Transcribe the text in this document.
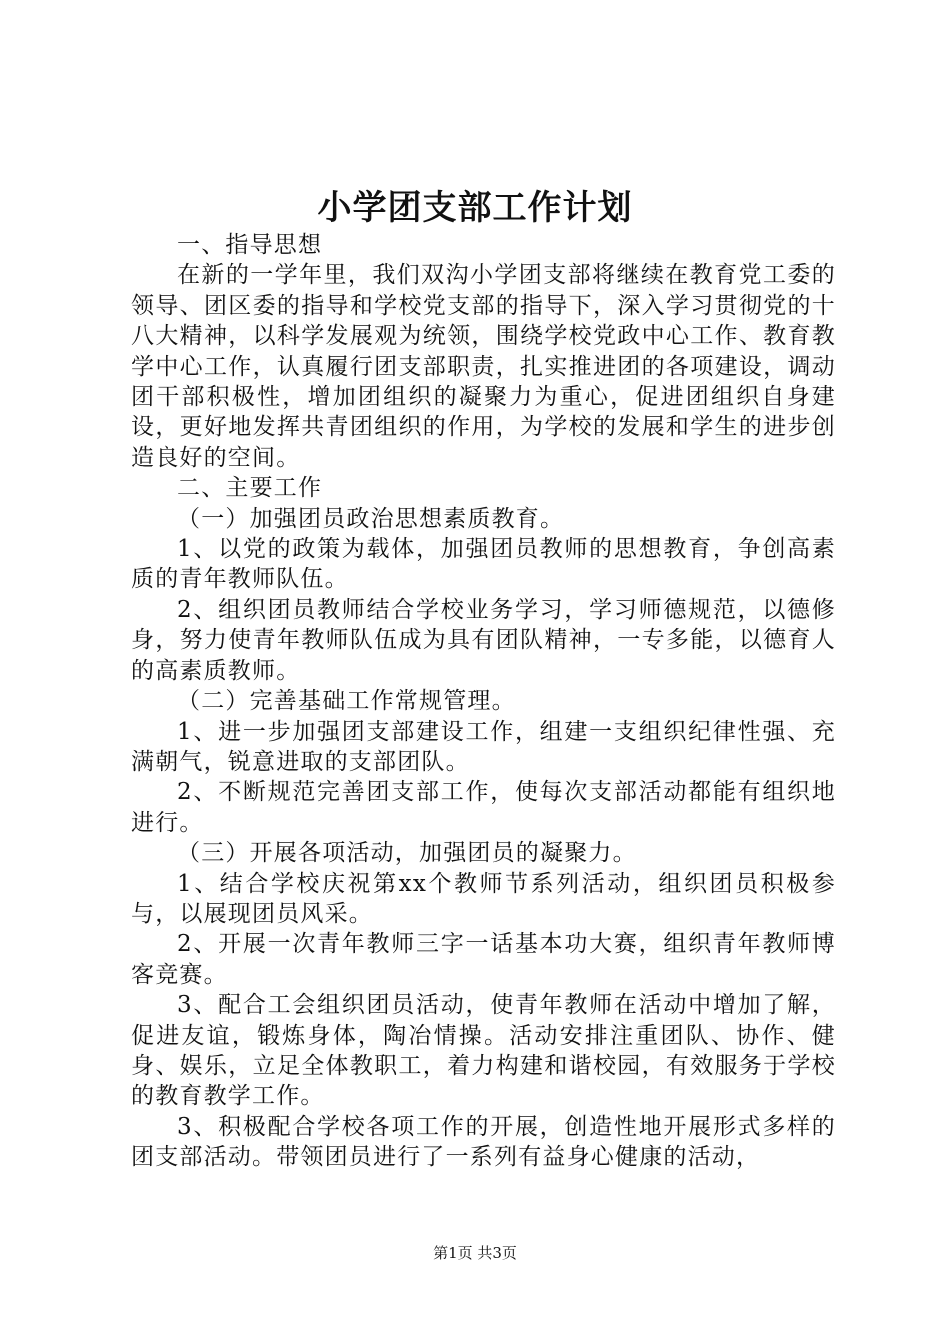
小学团支部工作计划

一、指导思想

在新的一学年里，我们双沟小学团支部将继续在教育党工委的领导、团区委的指导和学校党支部的指导下，深入学习贯彻党的十八大精神，以科学发展观为统领，围绕学校党政中心工作、教育教学中心工作，认真履行团支部职责，扎实推进团的各项建设，调动团干部积极性，增加团组织的凝聚力为重心，促进团组织自身建设，更好地发挥共青团组织的作用，为学校的发展和学生的进步创造良好的空间。

二、主要工作

（一）加强团员政治思想素质教育。

1、以党的政策为载体，加强团员教师的思想教育，争创高素质的青年教师队伍。

2、组织团员教师结合学校业务学习，学习师德规范，以德修身，努力使青年教师队伍成为具有团队精神，一专多能，以德育人的高素质教师。

（二）完善基础工作常规管理。

1、进一步加强团支部建设工作，组建一支组织纪律性强、充满朝气，锐意进取的支部团队。

2、不断规范完善团支部工作，使每次支部活动都能有组织地进行。

（三）开展各项活动，加强团员的凝聚力。

1、结合学校庆祝第xx个教师节系列活动，组织团员积极参与，以展现团员风采。

2、开展一次青年教师三字一话基本功大赛，组织青年教师博客竞赛。

3、配合工会组织团员活动，使青年教师在活动中增加了解，促进友谊，锻炼身体，陶冶情操。活动安排注重团队、协作、健身、娱乐，立足全体教职工，着力构建和谐校园，有效服务于学校的教育教学工作。

3、积极配合学校各项工作的开展，创造性地开展形式多样的团支部活动。带领团员进行了一系列有益身心健康的活动，

第1页 共3页
